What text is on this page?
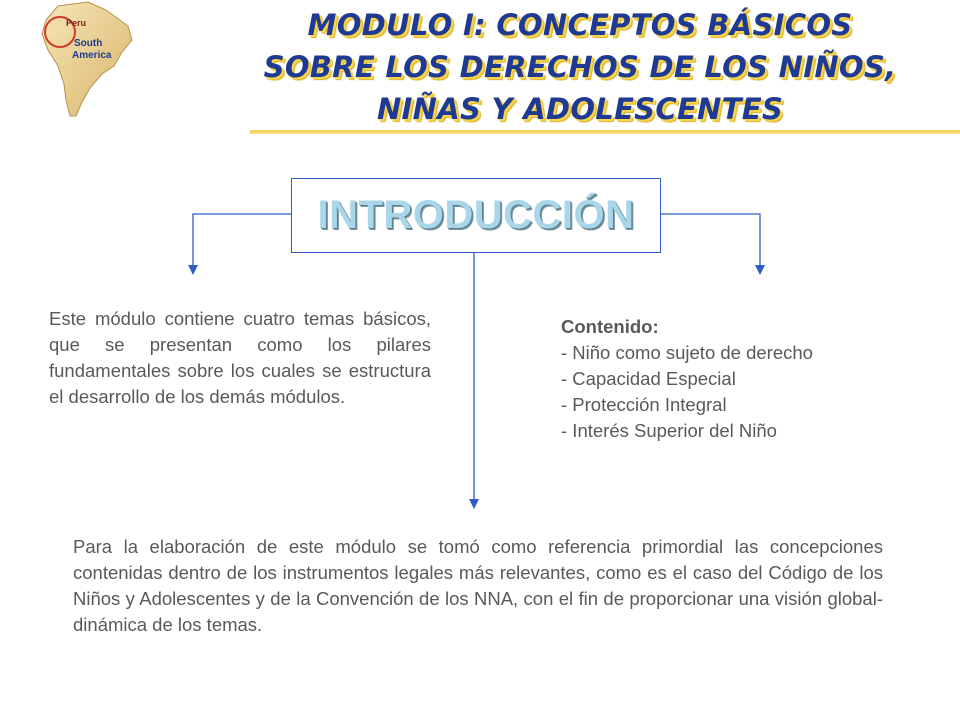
Peru
South
America
MODULO I: CONCEPTOS BÁSICOS
SOBRE LOS DERECHOS DE LOS NIÑOS,
NIÑAS Y ADOLESCENTES
INTRODUCCIÓN

Este módulo contiene cuatro temas básicos, que se presentan como los pilares fundamentales sobre los cuales se estructura el desarrollo de los demás módulos.

Contenido:
- Niño como sujeto de derecho
- Capacidad Especial
- Protección Integral
- Interés Superior del Niño

Para la elaboración de este módulo se tomó como referencia primordial las concepciones contenidas dentro de los instrumentos legales más relevantes, como es el caso del Código de los Niños y Adolescentes y de la Convención de los NNA, con el fin de proporcionar una visión global-dinámica de los temas.
